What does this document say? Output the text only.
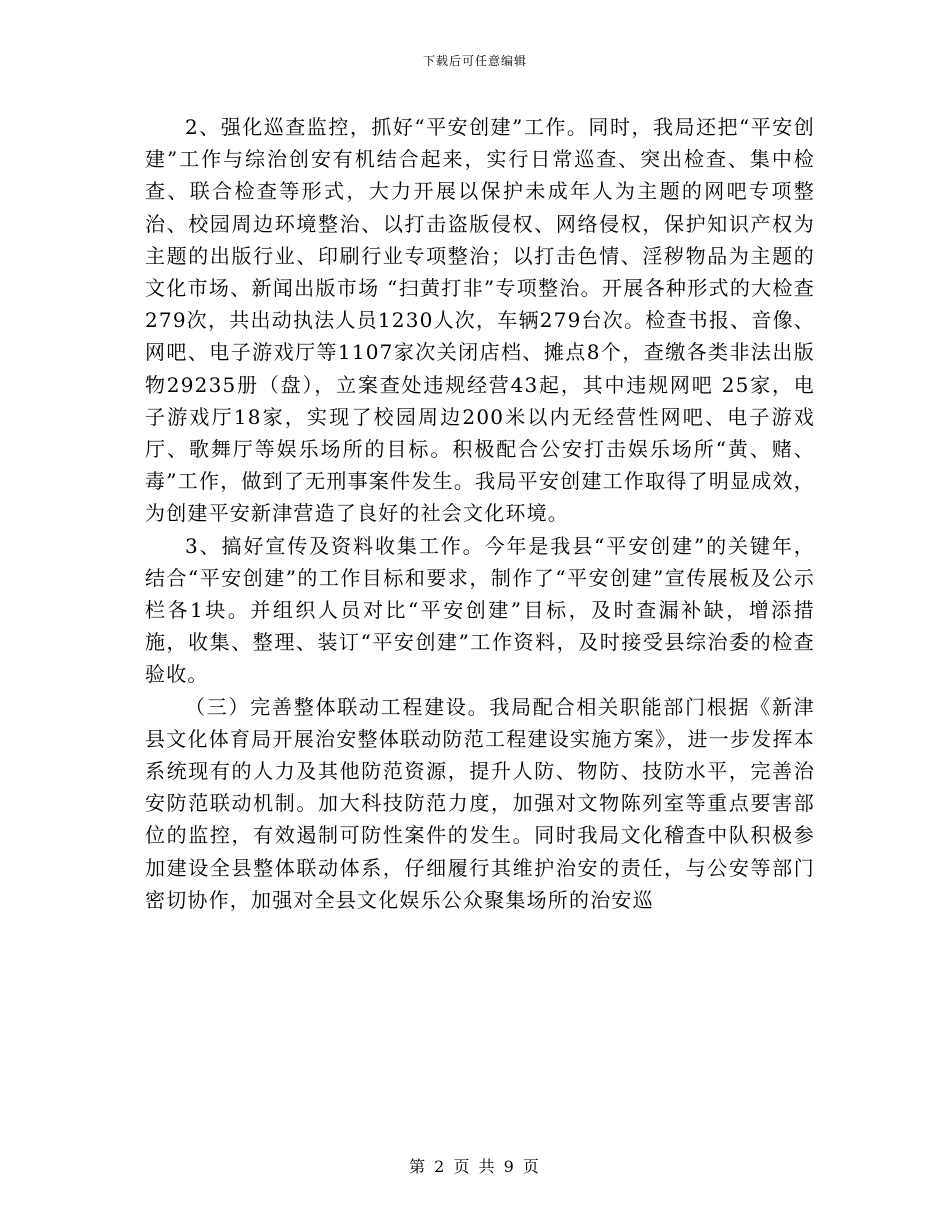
下载后可任意编辑

2、强化巡查监控，抓好“平安创建”工作。同时，我局还把“平安创建”工作与综治创安有机结合起来，实行日常巡查、突出检查、集中检查、联合检查等形式，大力开展以保护未成年人为主题的网吧专项整治、校园周边环境整治、以打击盗版侵权、网络侵权，保护知识产权为主题的出版行业、印刷行业专项整治；以打击色情、淫秽物品为主题的文化市场、新闻出版市场 “扫黄打非”专项整治。开展各种形式的大检查279次，共出动执法人员1230人次，车辆279台次。检查书报、音像、网吧、电子游戏厅等1107家次关闭店档、摊点8个，查缴各类非法出版物29235册（盘），立案查处违规经营43起，其中违规网吧 25家，电子游戏厅18家，实现了校园周边200米以内无经营性网吧、电子游戏厅、歌舞厅等娱乐场所的目标。积极配合公安打击娱乐场所“黄、赌、毒”工作，做到了无刑事案件发生。我局平安创建工作取得了明显成效，为创建平安新津营造了良好的社会文化环境。

3、搞好宣传及资料收集工作。今年是我县“平安创建”的关键年，结合“平安创建”的工作目标和要求，制作了“平安创建”宣传展板及公示栏各1块。并组织人员对比“平安创建”目标，及时查漏补缺，增添措施，收集、整理、装订“平安创建”工作资料，及时接受县综治委的检查验收。

（三）完善整体联动工程建设。我局配合相关职能部门根据《新津县文化体育局开展治安整体联动防范工程建设实施方案》，进一步发挥本系统现有的人力及其他防范资源，提升人防、物防、技防水平，完善治安防范联动机制。加大科技防范力度，加强对文物陈列室等重点要害部位的监控，有效遏制可防性案件的发生。同时我局文化稽查中队积极参加建设全县整体联动体系，仔细履行其维护治安的责任，与公安等部门密切协作，加强对全县文化娱乐公众聚集场所的治安巡

第 2 页 共 9 页
